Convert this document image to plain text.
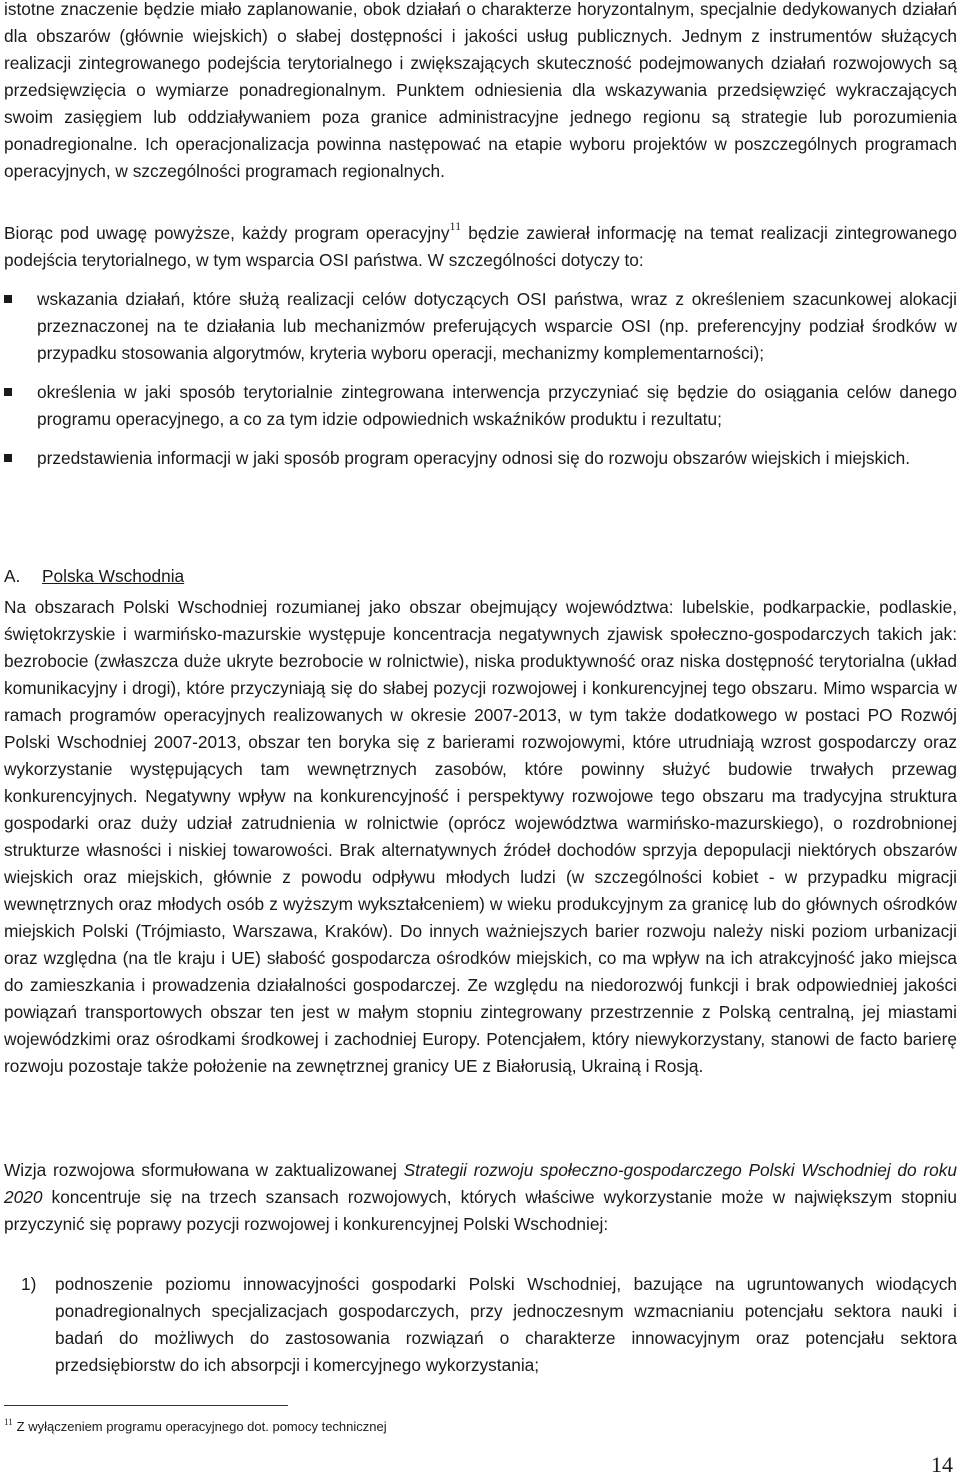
istotne znaczenie będzie miało zaplanowanie, obok działań o charakterze horyzontalnym, specjalnie dedykowanych działań dla obszarów (głównie wiejskich) o słabej dostępności i jakości usług publicznych. Jednym z instrumentów służących realizacji zintegrowanego podejścia terytorialnego i zwiększających skuteczność podejmowanych działań rozwojowych są przedsięwzięcia o wymiarze ponadregionalnym. Punktem odniesienia dla wskazywania przedsięwzięć wykraczających swoim zasięgiem lub oddziaływaniem poza granice administracyjne jednego regionu są strategie lub porozumienia ponadregionalne. Ich operacjonalizacja powinna następować na etapie wyboru projektów w poszczególnych programach operacyjnych, w szczególności programach regionalnych.

Biorąc pod uwagę powyższe, każdy program operacyjny$^{11}$ będzie zawierał informację na temat realizacji zintegrowanego podejścia terytorialnego, w tym wsparcia OSI państwa. W szczególności dotyczy to:

wskazania działań, które służą realizacji celów dotyczących OSI państwa, wraz z określeniem szacunkowej alokacji przeznaczonej na te działania lub mechanizmów preferujących wsparcie OSI (np. preferencyjny podział środków w przypadku stosowania algorytmów, kryteria wyboru operacji, mechanizmy komplementarności);
określenia w jaki sposób terytorialnie zintegrowana interwencja przyczyniać się będzie do osiągania celów danego programu operacyjnego, a co za tym idzie odpowiednich wskaźników produktu i rezultatu;
przedstawienia informacji w jaki sposób program operacyjny odnosi się do rozwoju obszarów wiejskich i miejskich.
A. Polska Wschodnia

Na obszarach Polski Wschodniej rozumianej jako obszar obejmujący województwa: lubelskie, podkarpackie, podlaskie, świętokrzyskie i warmińsko-mazurskie występuje koncentracja negatywnych zjawisk społeczno-gospodarczych takich jak: bezrobocie (zwłaszcza duże ukryte bezrobocie w rolnictwie), niska produktywność oraz niska dostępność terytorialna (układ komunikacyjny i drogi), które przyczyniają się do słabej pozycji rozwojowej i konkurencyjnej tego obszaru. Mimo wsparcia w ramach programów operacyjnych realizowanych w okresie 2007-2013, w tym także dodatkowego w postaci PO Rozwój Polski Wschodniej 2007-2013, obszar ten boryka się z barierami rozwojowymi, które utrudniają wzrost gospodarczy oraz wykorzystanie występujących tam wewnętrznych zasobów, które powinny służyć budowie trwałych przewag konkurencyjnych. Negatywny wpływ na konkurencyjność i perspektywy rozwojowe tego obszaru ma tradycyjna struktura gospodarki oraz duży udział zatrudnienia w rolnictwie (oprócz województwa warmińsko-mazurskiego), o rozdrobnionej strukturze własności i niskiej towarowości. Brak alternatywnych źródeł dochodów sprzyja depopulacji niektórych obszarów wiejskich oraz miejskich, głównie z powodu odpływu młodych ludzi (w szczególności kobiet - w przypadku migracji wewnętrznych oraz młodych osób z wyższym wykształceniem) w wieku produkcyjnym za granicę lub do głównych ośrodków miejskich Polski (Trójmiasto, Warszawa, Kraków). Do innych ważniejszych barier rozwoju należy niski poziom urbanizacji oraz względna (na tle kraju i UE) słabość gospodarcza ośrodków miejskich, co ma wpływ na ich atrakcyjność jako miejsca do zamieszkania i prowadzenia działalności gospodarczej. Ze względu na niedorozwój funkcji i brak odpowiedniej jakości powiązań transportowych obszar ten jest w małym stopniu zintegrowany przestrzennie z Polską centralną, jej miastami wojewódzkimi oraz ośrodkami środkowej i zachodniej Europy. Potencjałem, który niewykorzystany, stanowi de facto barierę rozwoju pozostaje także położenie na zewnętrznej granicy UE z Białorusią, Ukrainą i Rosją.

Wizja rozwojowa sformułowana w zaktualizowanej Strategii rozwoju społeczno-gospodarczego Polski Wschodniej do roku 2020 koncentruje się na trzech szansach rozwojowych, których właściwe wykorzystanie może w największym stopniu przyczynić się poprawy pozycji rozwojowej i konkurencyjnej Polski Wschodniej:

1) podnoszenie poziomu innowacyjności gospodarki Polski Wschodniej, bazujące na ugruntowanych wiodących ponadregionalnych specjalizacjach gospodarczych, przy jednoczesnym wzmacnianiu potencjału sektora nauki i badań do możliwych do zastosowania rozwiązań o charakterze innowacyjnym oraz potencjału sektora przedsiębiorstw do ich absorpcji i komercyjnego wykorzystania;
$^{11}$ Z wyłączeniem programu operacyjnego dot. pomocy technicznej
14
